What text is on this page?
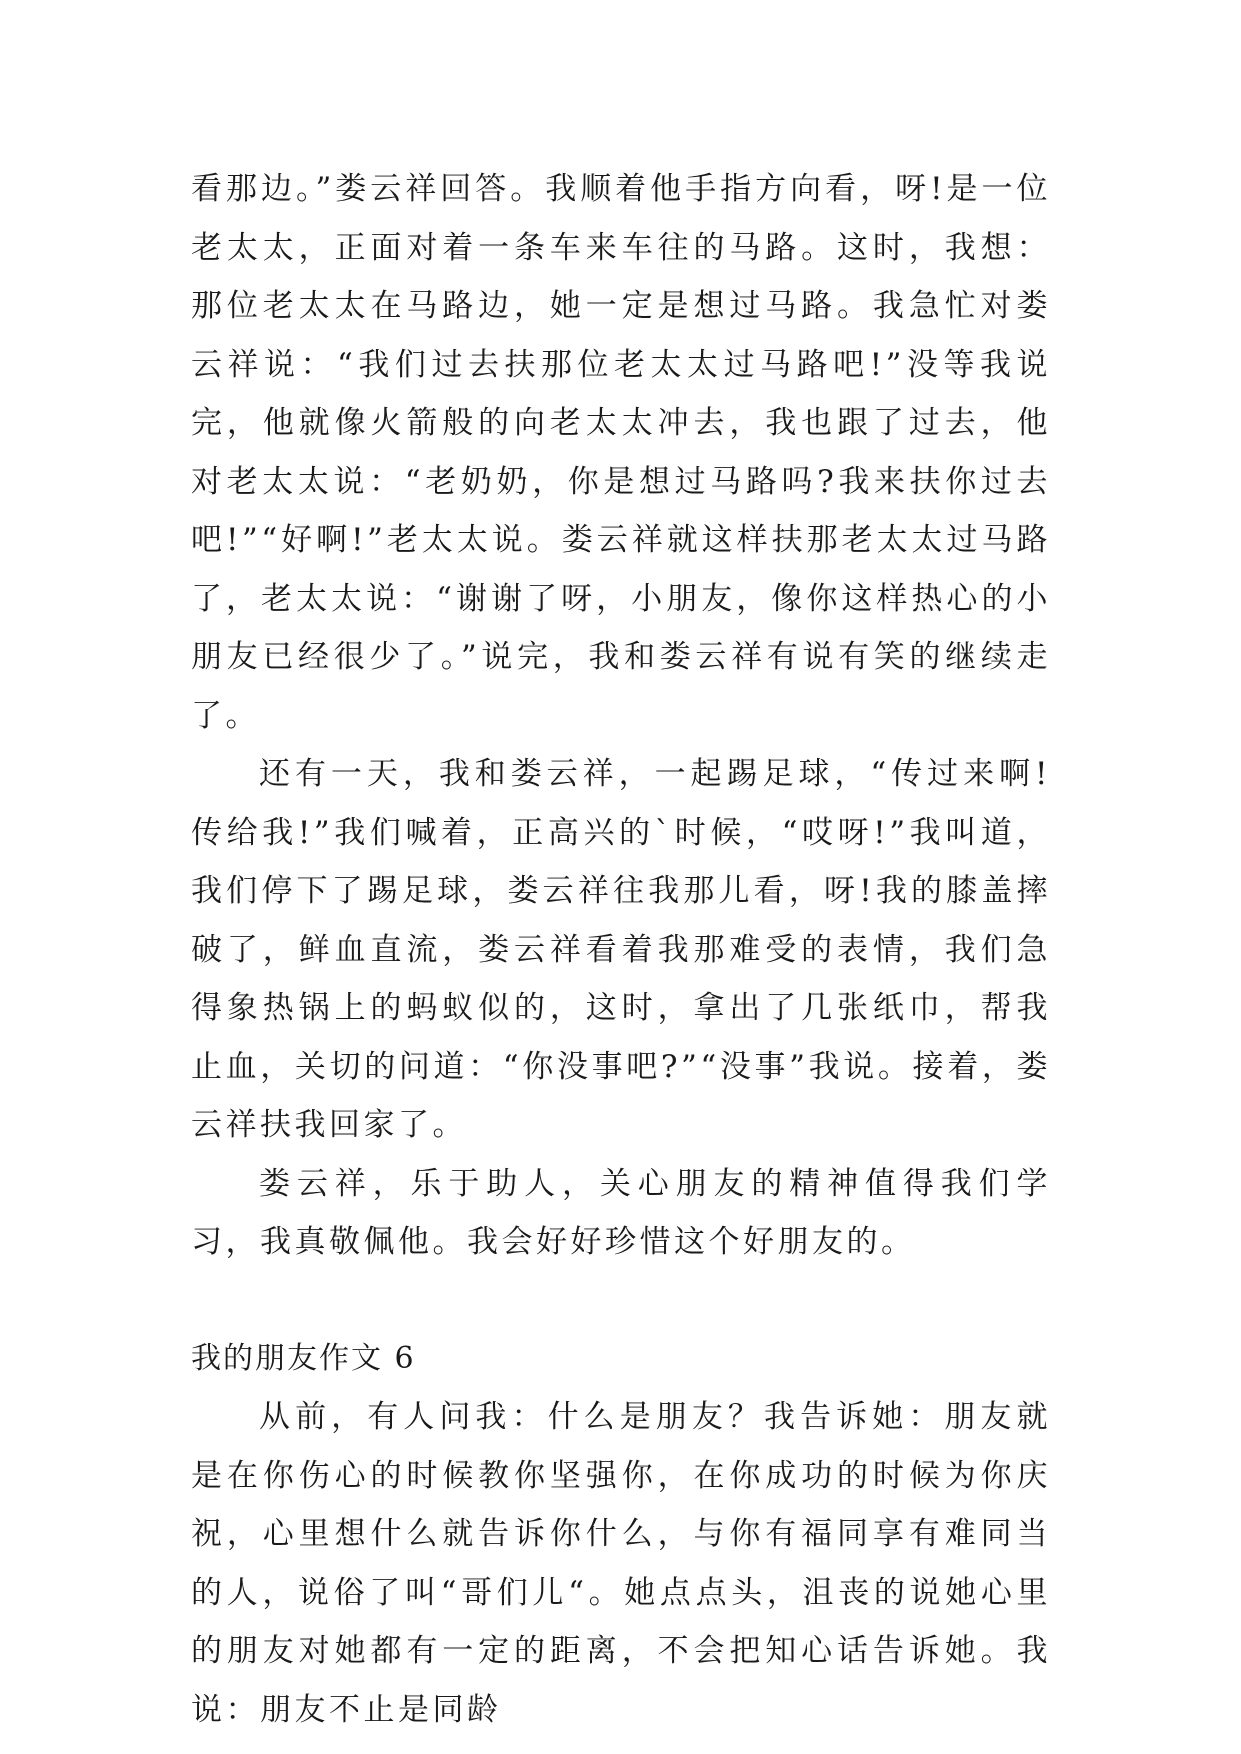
看那边。”娄云祥回答。我顺着他手指方向看，呀!是一位老太太，正面对着一条车来车往的马路。这时，我想：那位老太太在马路边，她一定是想过马路。我急忙对娄云祥说：“我们过去扶那位老太太过马路吧!”没等我说完，他就像火箭般的向老太太冲去，我也跟了过去，他对老太太说：“老奶奶，你是想过马路吗?我来扶你过去吧!”“好啊!”老太太说。娄云祥就这样扶那老太太过马路了，老太太说：“谢谢了呀，小朋友，像你这样热心的小朋友已经很少了。”说完，我和娄云祥有说有笑的继续走了。

还有一天，我和娄云祥，一起踢足球，“传过来啊!传给我!”我们喊着，正高兴的`时候，“哎呀!”我叫道，我们停下了踢足球，娄云祥往我那儿看，呀!我的膝盖摔破了，鲜血直流，娄云祥看着我那难受的表情，我们急得象热锅上的蚂蚁似的，这时，拿出了几张纸巾，帮我止血，关切的问道：“你没事吧?”“没事”我说。接着，娄云祥扶我回家了。

娄云祥，乐于助人，关心朋友的精神值得我们学习，我真敬佩他。我会好好珍惜这个好朋友的。

我的朋友作文 6

从前，有人问我：什么是朋友？我告诉她：朋友就是在你伤心的时候教你坚强你，在你成功的时候为你庆祝，心里想什么就告诉你什么，与你有福同享有难同当的人，说俗了叫“哥们儿“。她点点头，沮丧的说她心里的朋友对她都有一定的距离，不会把知心话告诉她。我说：朋友不止是同龄
